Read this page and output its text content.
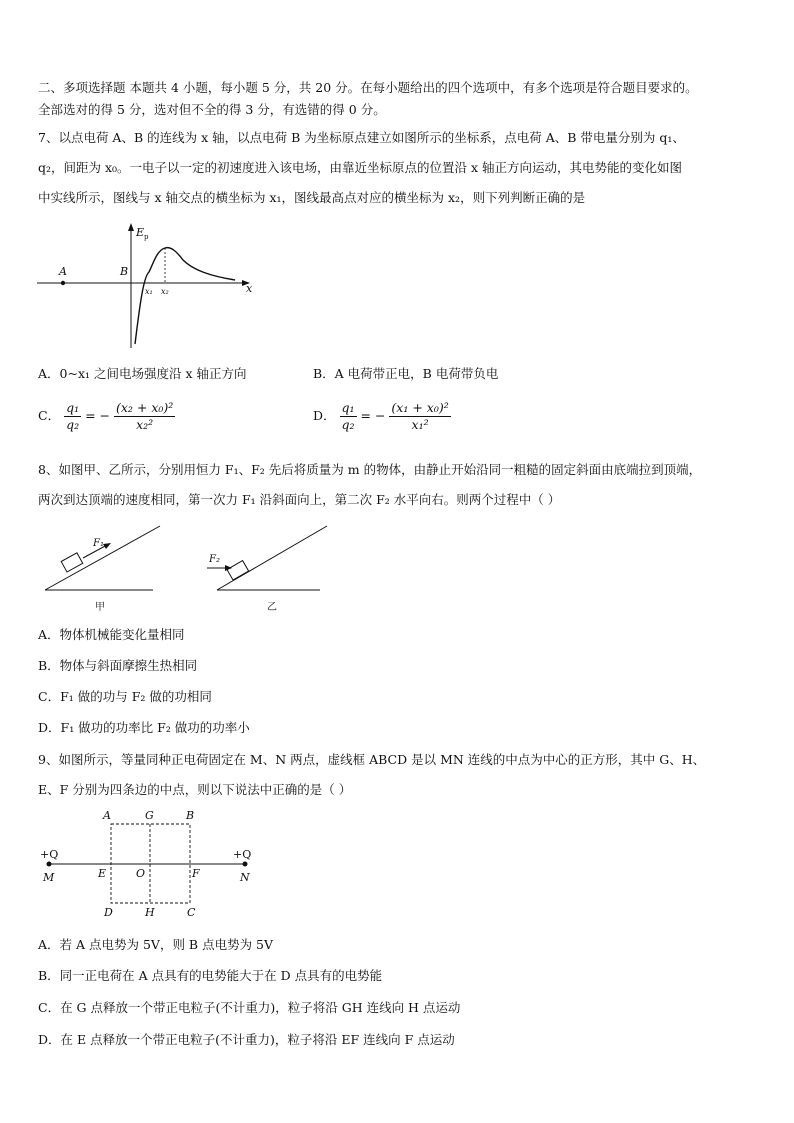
二、多项选择题 本题共 4 小题，每小题 5 分，共 20 分。在每小题给出的四个选项中，有多个选项是符合题目要求的。
全部选对的得 5 分，选对但不全的得 3 分，有选错的得 0 分。
7、以点电荷 A、B 的连线为 x 轴，以点电荷 B 为坐标原点建立如图所示的坐标系，点电荷 A、B 带电量分别为 q₁、
q₂，间距为 x₀。一电子以一定的初速度进入该电场，由靠近坐标原点的位置沿 x 轴正方向运动，其电势能的变化如图
中实线所示，图线与 x 轴交点的横坐标为 x₁，图线最高点对应的横坐标为 x₂，则下列判断正确的是
E p
x
A	B
x₁ x₂
A．0~x₁ 之间电场强度沿 x 轴正方向	B．A 电荷带正电，B 电荷带负电
C． $\frac{\text{q₁}}{\text{q₂}}$ = − $\frac{\text{(x₂ + x₀)²}}{\text{x₂²}}$	D． $\frac{\text{q₁}}{\text{q₂}}$ = − $\frac{\text{(x₁ + x₀)²}}{\text{x₁²}}$
8、如图甲、乙所示，分别用恒力 F₁、F₂ 先后将质量为 m 的物体，由静止开始沿同一粗糙的固定斜面由底端拉到顶端，
两次到达顶端的速度相同，第一次力 F₁ 沿斜面向上，第二次 F₂ 水平向右。则两个过程中（ ）
F₁
甲
F₂
乙
A．物体机械能变化量相同
B．物体与斜面摩擦生热相同
C．F₁ 做的功与 F₂ 做的功相同
D．F₁ 做功的功率比 F₂ 做功的功率小
9、如图所示，等量同种正电荷固定在 M、N 两点，虚线框 ABCD 是以 MN 连线的中点为中心的正方形，其中 G、H、
E、F 分别为四条边的中点，则以下说法中正确的是（ ）
+Q	+Q
M	N
A	G	B
E	O	F
D	H	C
A．若 A 点电势为 5V，则 B 点电势为 5V
B．同一正电荷在 A 点具有的电势能大于在 D 点具有的电势能
C．在 G 点释放一个带正电粒子(不计重力)，粒子将沿 GH 连线向 H 点运动
D．在 E 点释放一个带正电粒子(不计重力)，粒子将沿 EF 连线向 F 点运动
